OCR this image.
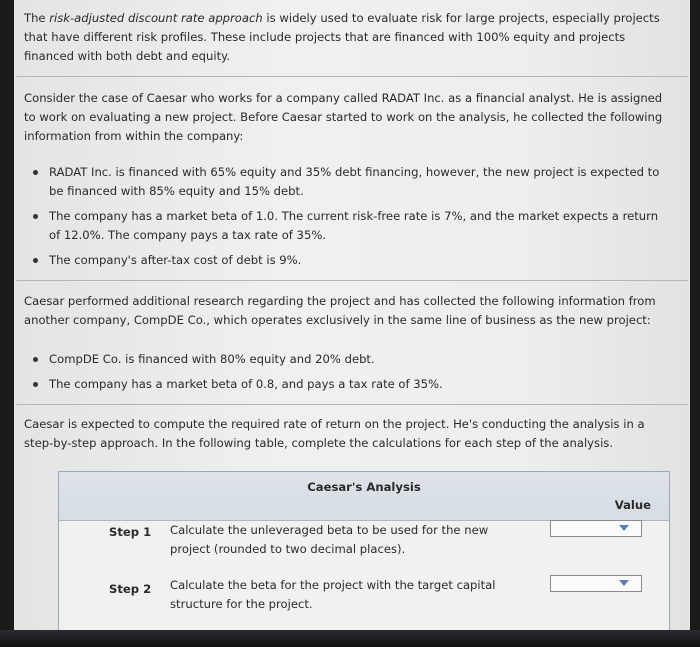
The risk-adjusted discount rate approach is widely used to evaluate risk for large projects, especially projects that have different risk profiles. These include projects that are financed with 100% equity and projects financed with both debt and equity.

Consider the case of Caesar who works for a company called RADAT Inc. as a financial analyst. He is assigned to work on evaluating a new project. Before Caesar started to work on the analysis, he collected the following information from within the company:

RADAT Inc. is financed with 65% equity and 35% debt financing, however, the new project is expected to be financed with 85% equity and 15% debt.
The company has a market beta of 1.0. The current risk-free rate is 7%, and the market expects a return of 12.0%. The company pays a tax rate of 35%.
The company's after-tax cost of debt is 9%.

Caesar performed additional research regarding the project and has collected the following information from another company, CompDE Co., which operates exclusively in the same line of business as the new project:

CompDE Co. is financed with 80% equity and 20% debt.
The company has a market beta of 0.8, and pays a tax rate of 35%.

Caesar is expected to compute the required rate of return on the project. He's conducting the analysis in a step-by-step approach. In the following table, complete the calculations for each step of the analysis.

Caesar's Analysis
Value
Step 1 Calculate the unleveraged beta to be used for the new project (rounded to two decimal places).
Step 2 Calculate the beta for the project with the target capital structure for the project.
